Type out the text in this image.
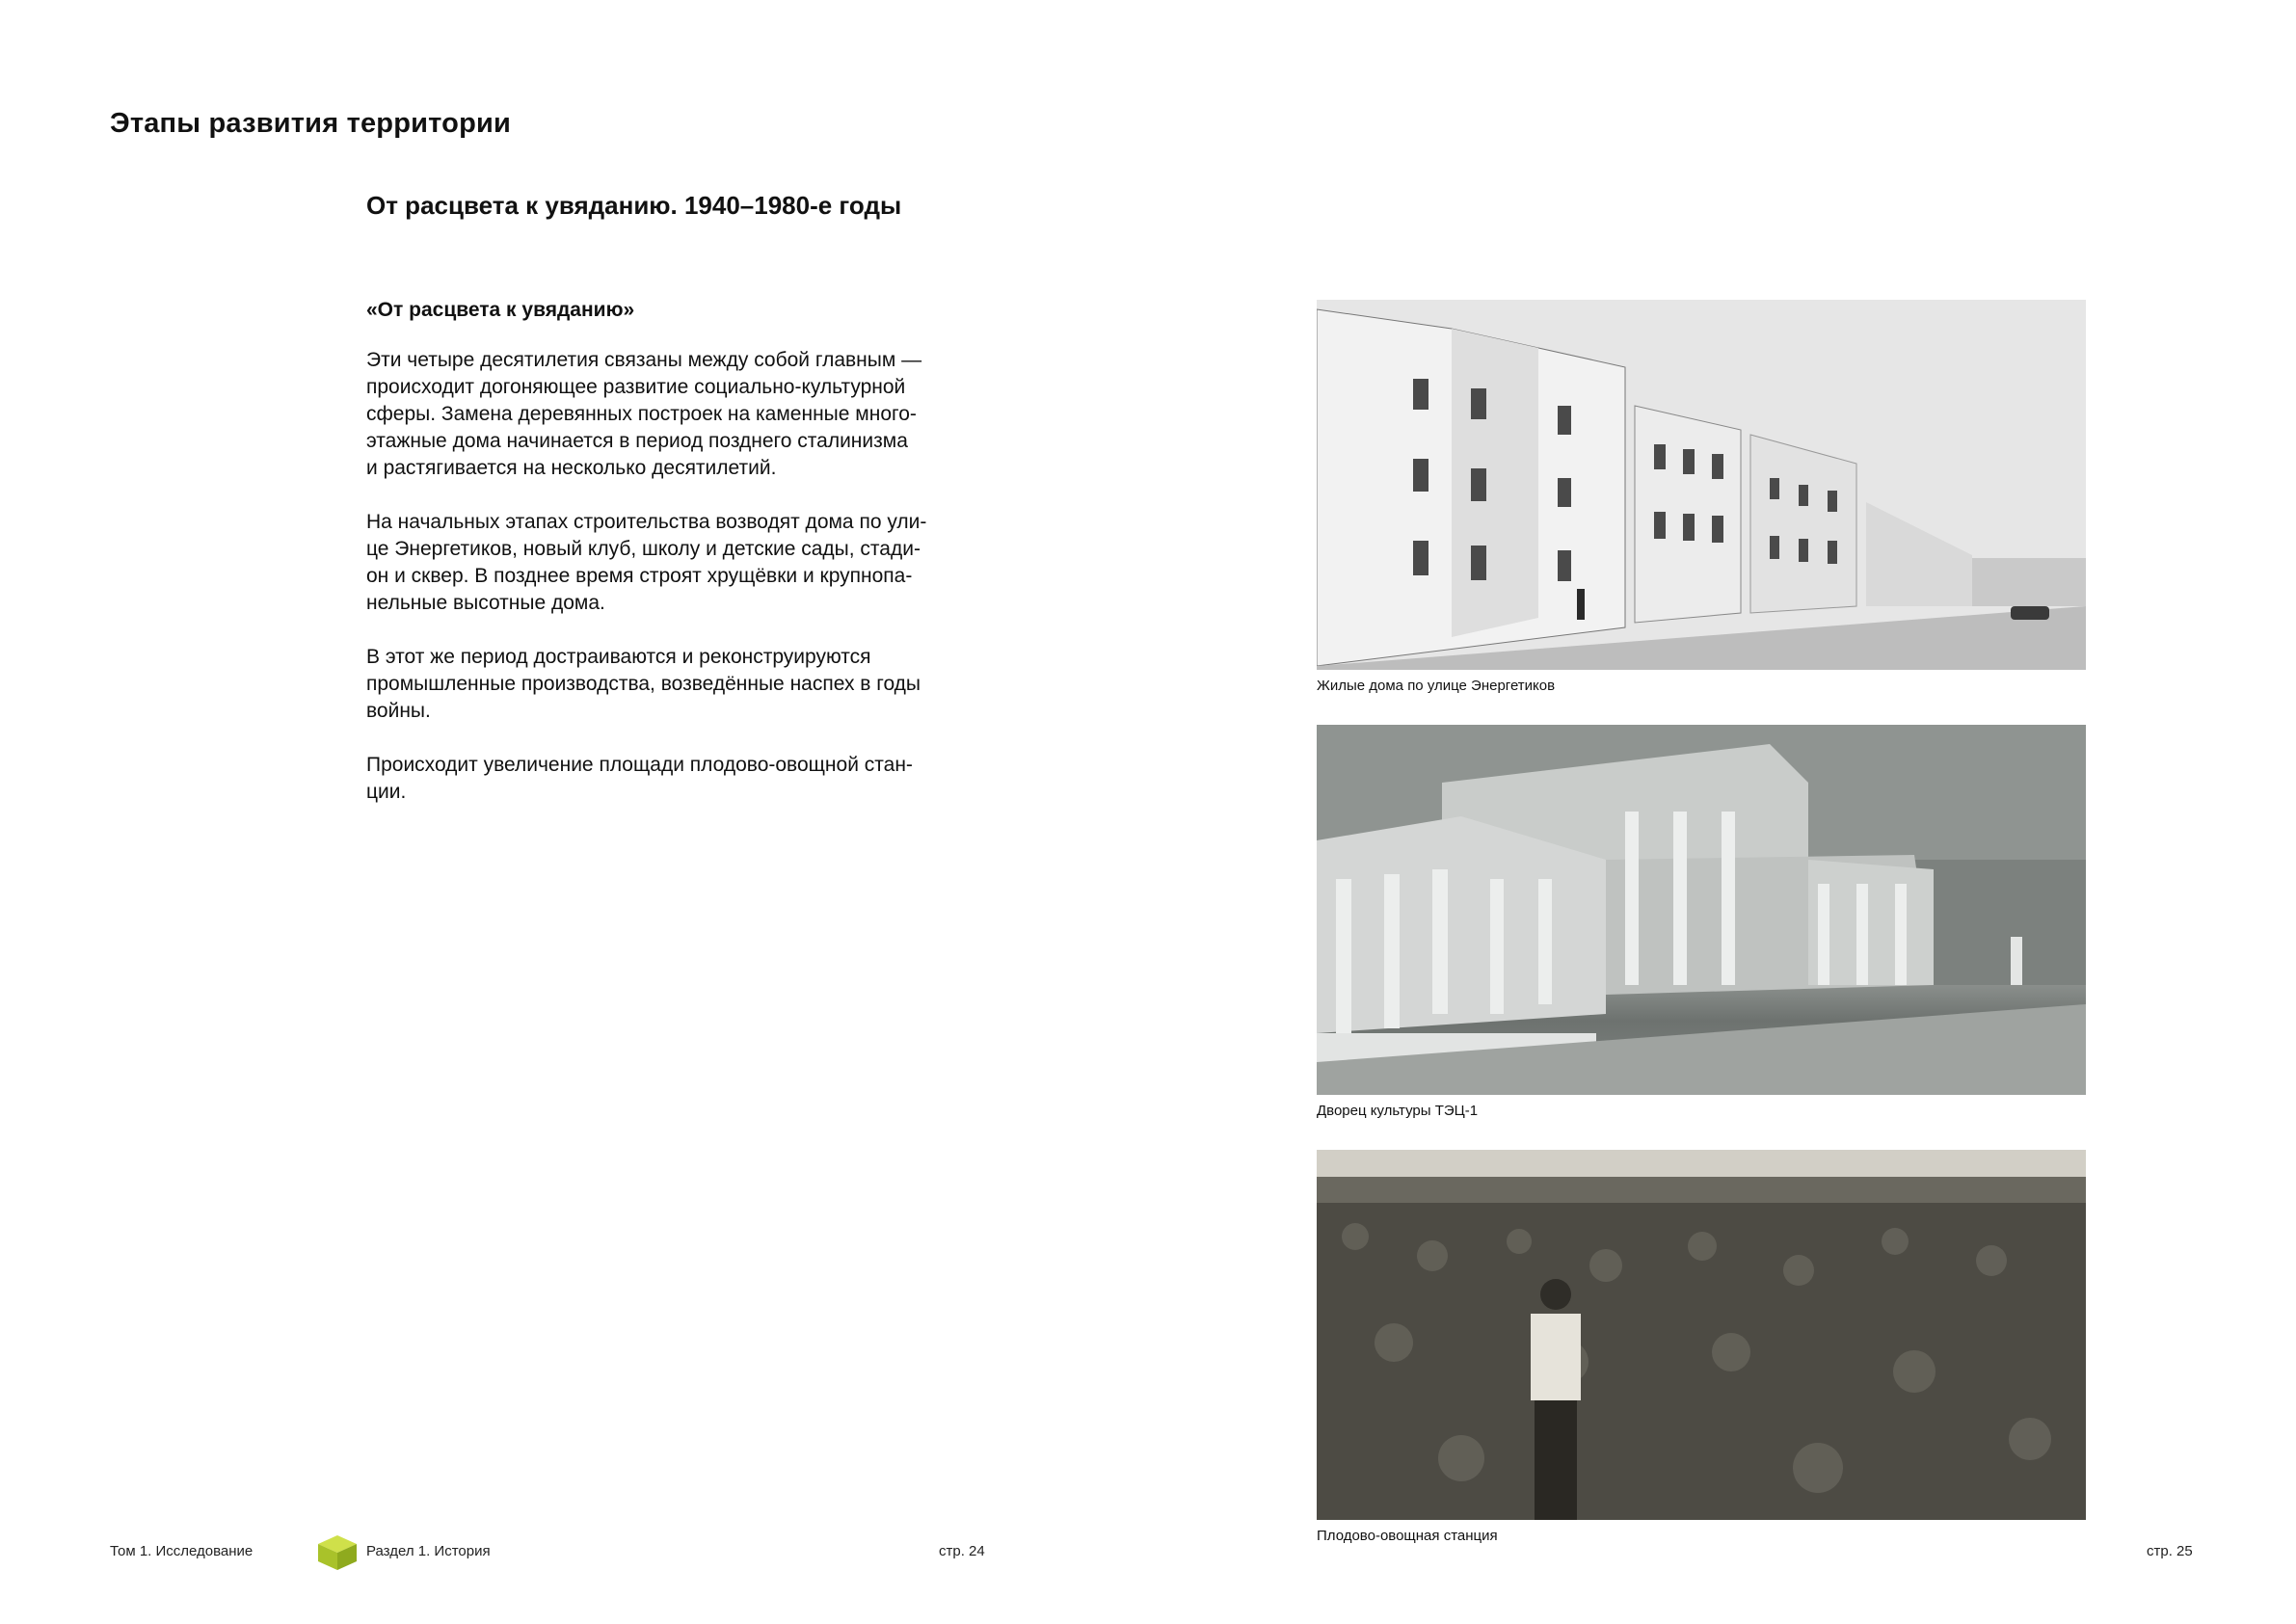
Этапы развития территории
От расцвета к увяданию. 1940–1980-е годы
«От расцвета к увяданию»

Эти четыре десятилетия связаны между собой главным —
происходит догоняющее развитие социально-культурной
сферы. Замена деревянных построек на каменные много-
этажные дома начинается в период позднего сталинизма
и растягивается на несколько десятилетий.

На начальных этапах строительства возводят дома по ули-
це Энергетиков, новый клуб, школу и детские сады, стади-
он и сквер. В позднее время строят хрущёвки и крупнопа-
нельные высотные дома.

В этот же период достраиваются и реконструируются
промышленные производства, возведённые наспех в годы
войны.

Происходит увеличение площади плодово-овощной стан-
ции.

Жилые дома по улице Энергетиков
Дворец культуры ТЭЦ-1
Плодово-овощная станция
Том 1. Исследование	Раздел 1. История	стр. 24	стр. 25
